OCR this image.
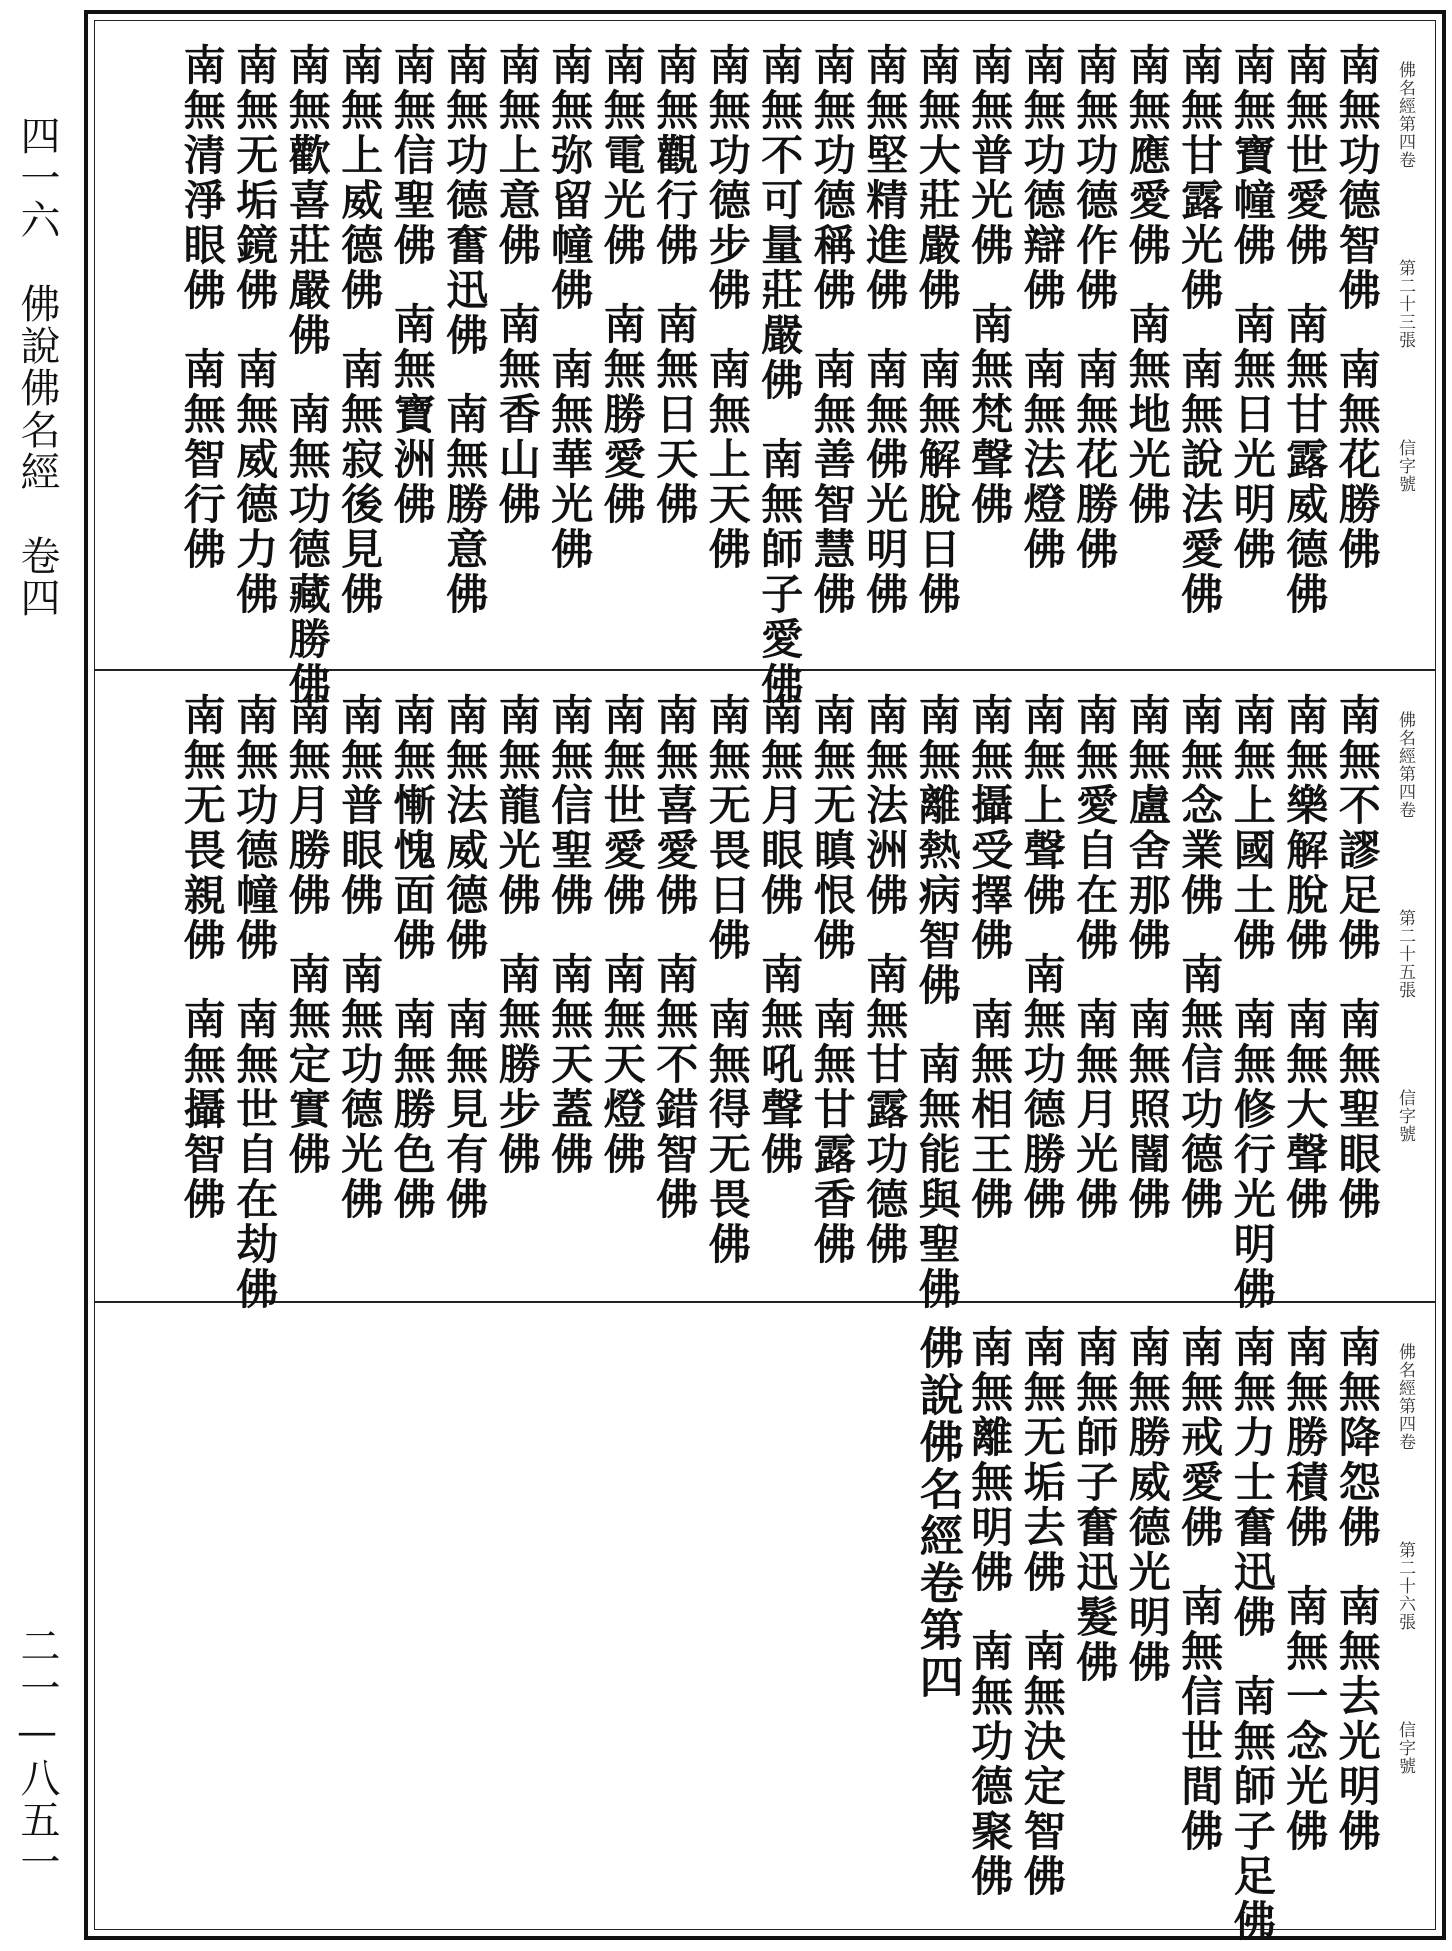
四一六　佛說佛名經　卷四
二一—八五一
佛名經第四卷第二十三張信字號
南無功德智佛南無花勝佛
南無世愛佛南無甘露威德佛
南無寶幢佛南無日光明佛
南無甘露光佛南無說法愛佛
南無應愛佛南無地光佛
南無功德作佛南無花勝佛
南無功德辯佛南無法燈佛
南無普光佛南無梵聲佛
南無大莊嚴佛南無解脫日佛
南無堅精進佛南無佛光明佛
南無功德稱佛南無善智慧佛
南無不可量莊嚴佛南無師子愛佛
南無功德步佛南無上天佛
南無觀行佛南無日天佛
南無電光佛南無勝愛佛
南無弥留幢佛南無華光佛
南無上意佛南無香山佛
南無功德奮迅佛南無勝意佛
南無信聖佛南無寶洲佛
南無上威德佛南無寂後見佛
南無歡喜莊嚴佛南無功德藏勝佛
南無无垢鏡佛南無威德力佛
南無清淨眼佛南無智行佛
佛名經第四卷第二十五張信字號
南無不謬足佛南無聖眼佛
南無樂解脫佛南無大聲佛
南無上國土佛南無修行光明佛
南無念業佛南無信功德佛
南無盧舍那佛南無照闇佛
南無愛自在佛南無月光佛
南無上聲佛南無功德勝佛
南無攝受擇佛南無相王佛
南無離熱病智佛南無能與聖佛
南無法洲佛南無甘露功德佛
南無无瞋恨佛南無甘露香佛
南無月眼佛南無吼聲佛
南無无畏日佛南無得无畏佛
南無喜愛佛南無不錯智佛
南無世愛佛南無天燈佛
南無信聖佛南無天蓋佛
南無龍光佛南無勝步佛
南無法威德佛南無見有佛
南無慚愧面佛南無勝色佛
南無普眼佛南無功德光佛
南無月勝佛南無定實佛
南無功德幢佛南無世自在劫佛
南無无畏親佛南無攝智佛
佛名經第四卷第二十六張信字號
南無降怨佛南無去光明佛
南無勝積佛南無一念光佛
南無力士奮迅佛南無師子足佛
南無戒愛佛南無信世間佛
南無勝威德光明佛
南無師子奮迅髮佛
南無无垢去佛南無決定智佛
南無離無明佛南無功德聚佛
佛說佛名經卷第四
